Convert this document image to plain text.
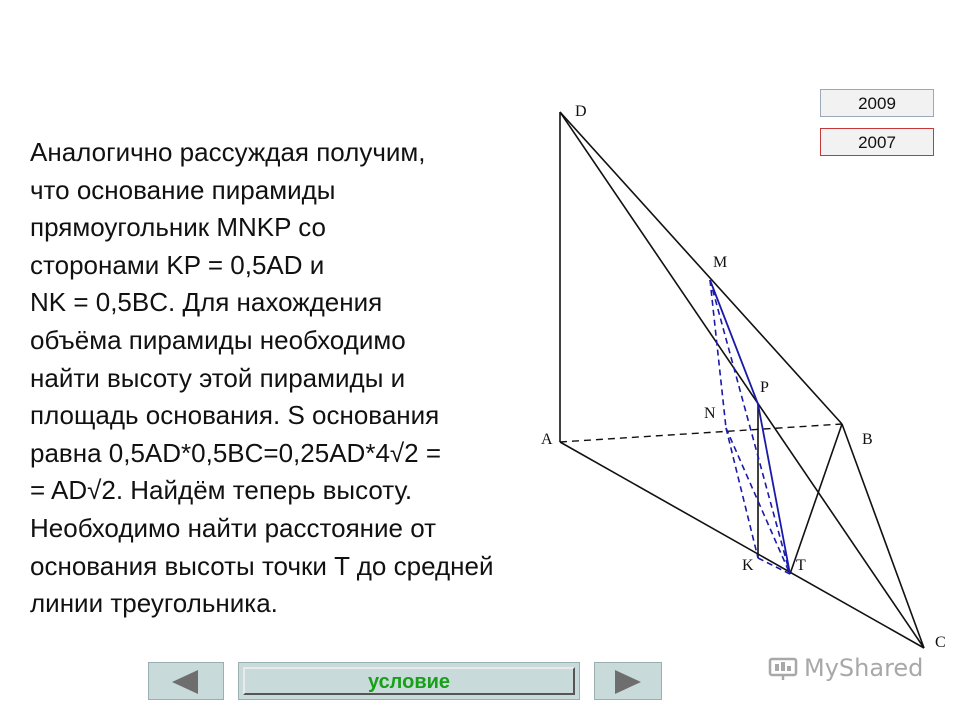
Аналогично рассуждая получим,
что основание пирамиды
прямоугольник MNKP со
сторонами KP = 0,5AD и
NK = 0,5BC. Для нахождения
объёма пирамиды необходимо
найти высоту этой пирамиды и
площадь основания. S основания
равна 0,5AD*0,5BC=0,25AD*4√2 =
= AD√2. Найдём теперь высоту.
Необходимо найти расстояние от
основания высоты точки T до средней
линии треугольника.
D
M
P
N
A	B
K	T
C
2009
2007
условие	MyShared
